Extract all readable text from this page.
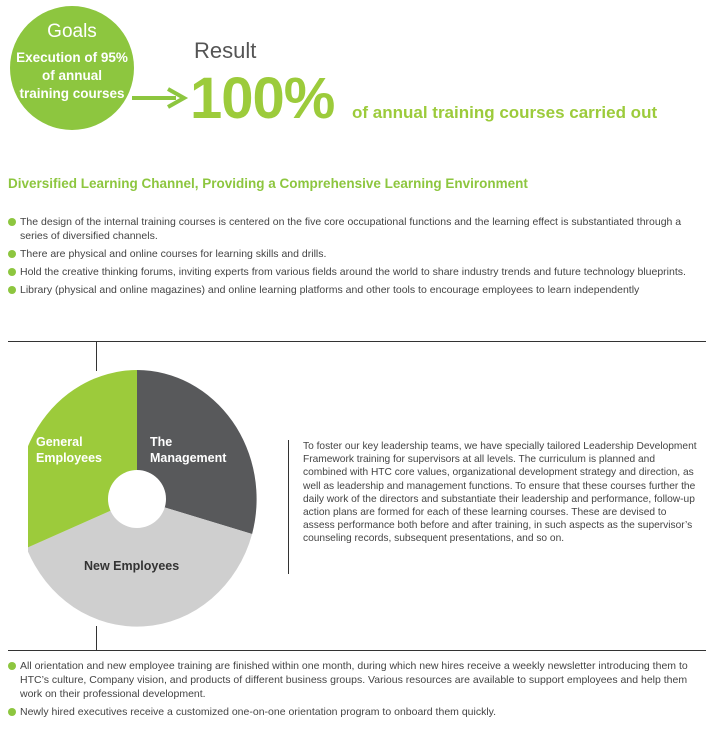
Goals
Execution of 95% of annual training courses
Result
100% of annual training courses carried out
Diversified Learning Channel, Providing a Comprehensive Learning Environment
The design of the internal training courses is centered on the five core occupational functions and the learning effect is substantiated through a series of diversified channels.
There are physical and online courses for learning skills and drills.
Hold the creative thinking forums, inviting experts from various fields around the world to share industry trends and future technology blueprints.
Library (physical and online magazines) and online learning platforms and other tools to encourage employees to learn independently
General Employees
The Management
New Employees
To foster our key leadership teams, we have specially tailored Leadership Development Framework training for supervisors at all levels. The curriculum is planned and combined with HTC core values, organizational development strategy and direction, as well as leadership and management functions. To ensure that these courses further the daily work of the directors and substantiate their leadership and performance, follow-up action plans are formed for each of these learning courses. These are devised to assess performance both before and after training, in such aspects as the supervisor’s counseling records, subsequent presentations, and so on.
All orientation and new employee training are finished within one month, during which new hires receive a weekly newsletter introducing them to HTC’s culture, Company vision, and products of different business groups. Various resources are available to support employees and help them work on their professional development.
Newly hired executives receive a customized one-on-one orientation program to onboard them quickly.
